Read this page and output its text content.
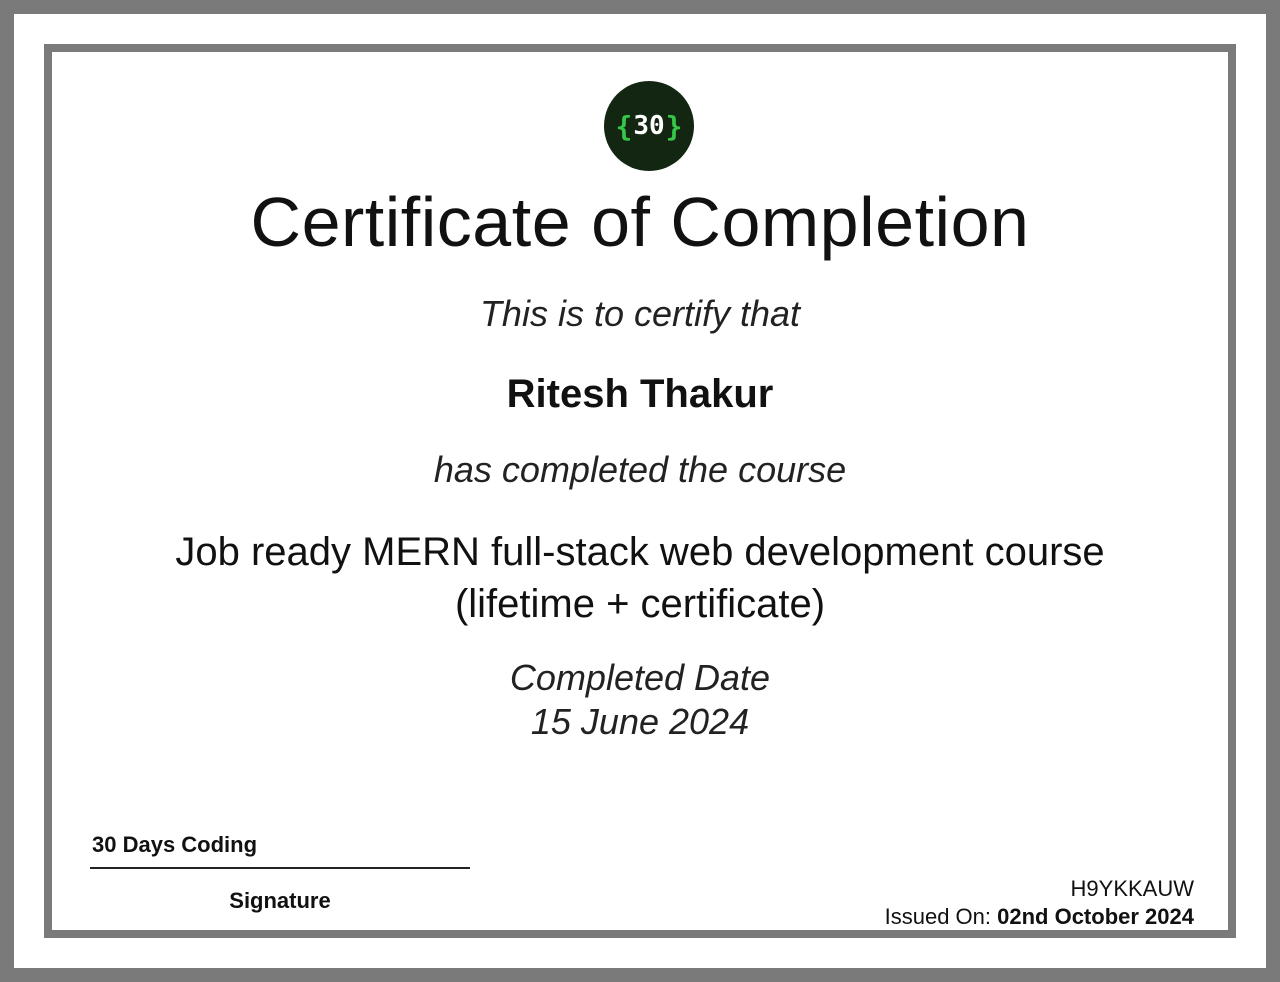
{ 30 }
Certificate of Completion
This is to certify that
Ritesh Thakur
has completed the course
Job ready MERN full-stack web development course
(lifetime + certificate)
Completed Date
15 June 2024
30 Days Coding
Signature	H9YKKAUW
Issued On: 02nd October 2024
